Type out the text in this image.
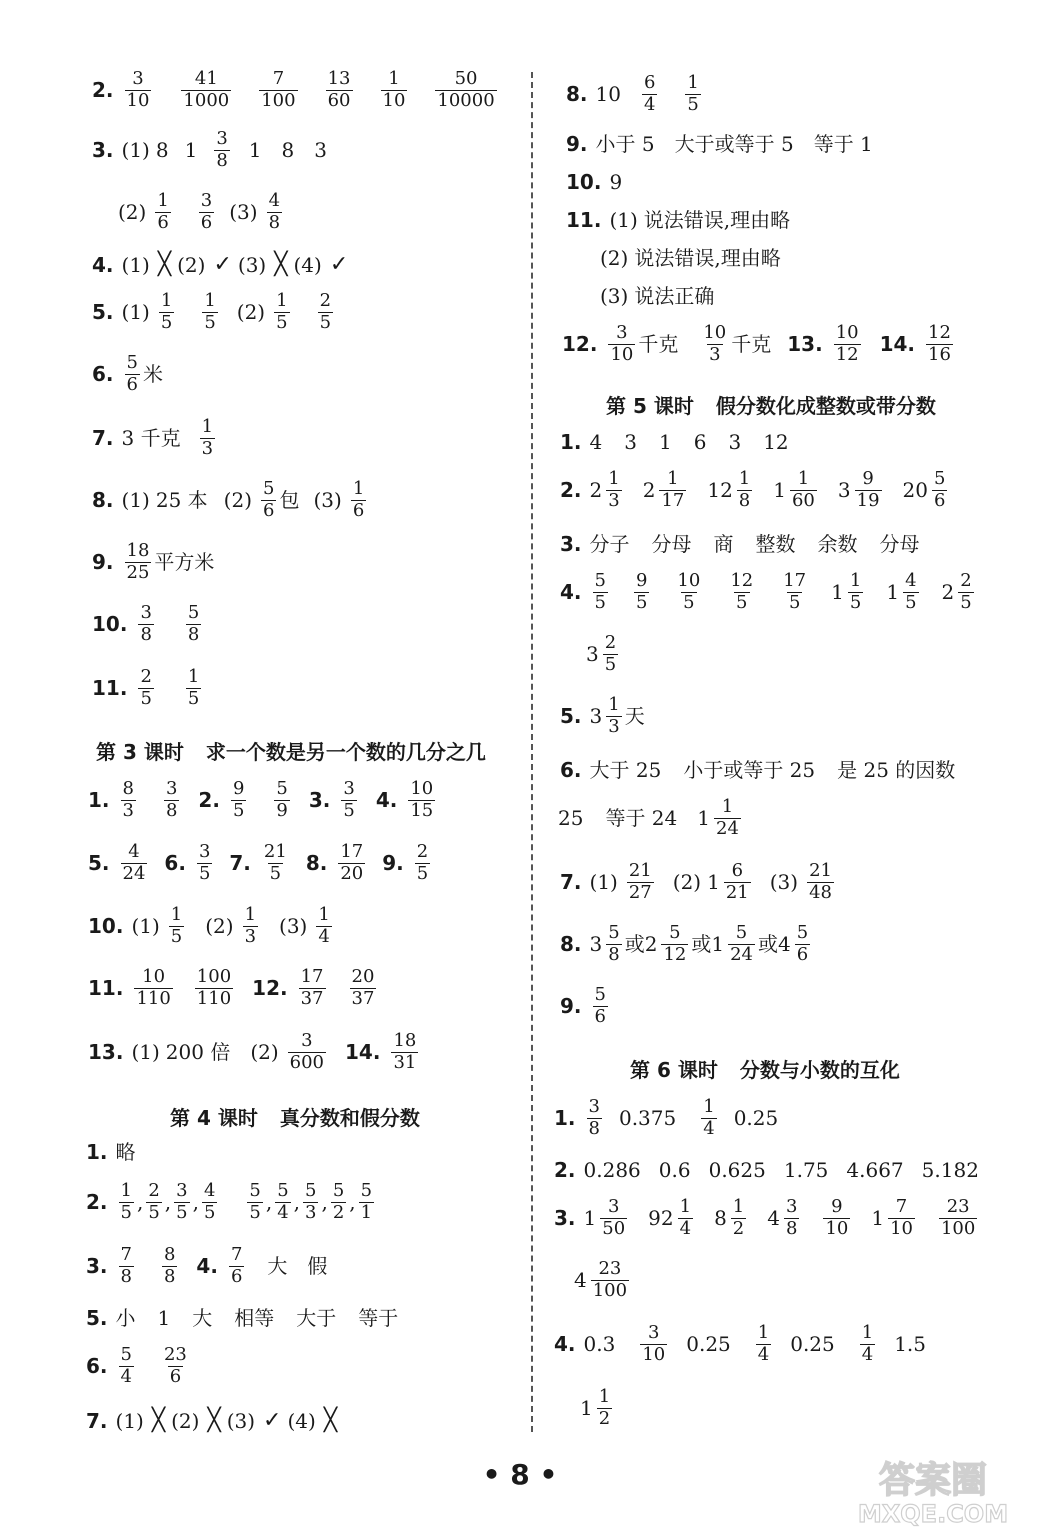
2. $\frac{3}{10} \frac{41}{1000} \frac{7}{100} \frac{13}{60} \frac{1}{10} \frac{50}{10000}$
3. (1) 8 $1 \frac{3}{8} 1$ 8 3
$(2) \frac{1}{6} \frac{3}{6} (3) \frac{4}{8}$
4. (1) ╳ (2) ✓ (3) ╳ (4) ✓
5. $(1) \frac{1}{5} \frac{1}{5} (2) \frac{1}{5} \frac{2}{5}$
6. $\frac{5}{6}$ 米
7. 3 千克 $\frac{1}{3}$
8. (1) 25 本 $(2) \frac{5}{6}$ 包 $(3) \frac{1}{6}$
9. $\frac{18}{25}$ 平方米
10. $\frac{3}{8} \frac{5}{8}$
11. $\frac{2}{5} \frac{1}{5}$
第 3 课时 求一个数是另一个数的几分之几
1. $\frac{8}{3} \frac{3}{8} 2$. $\frac{9}{5} \frac{5}{9} 3$. $\frac{3}{5} 4$. $\frac{10}{15}$
5. $\frac{4}{24} 6$. $\frac{3}{5} 7$. $\frac{21}{5} 8$. $\frac{17}{20} 9$. $\frac{2}{5}$
10. $(1) \frac{1}{5} (2) \frac{1}{3} (3) \frac{1}{4}$
11. $\frac{10}{110} \frac{100}{110} 12$. $\frac{17}{37} \frac{20}{37}$
13. (1) 200 倍 $(2) \frac{3}{600} 14$. $\frac{18}{31}$
第 4 课时 真分数和假分数
1. 略
2. $\frac{1}{5}$ , $\frac{2}{5}$ , $\frac{3}{5}$ , $\frac{4}{5} \frac{5}{5}$ , $\frac{5}{4}$ , $\frac{5}{3}$ , $\frac{5}{2}$ , $\frac{5}{1}$
3. $\frac{7}{8} \frac{8}{8} 4$. $\frac{7}{6}$ 大 假
5. 小 1 大 相等 大于 等于
6. $\frac{5}{4} \frac{23}{6}$
7. (1) ╳ (2) ╳ (3) ✓ (4) ╳
8. $10 \frac{6}{4} \frac{1}{5}$
9. 小于 5 大于或等于 5 等于 1
10. 9
11. (1) 说法错误,理由略
(2) 说法错误,理由略
(3) 说法正确
12. $\frac{3}{10}$ 千克 $\frac{10}{3}$ 千克 13. $\frac{10}{12} 14$. $\frac{12}{16}$
第 5 课时 假分数化成整数或带分数
1. 4 3 1 6 3 12
2. $2 \frac{1}{3} 2 \frac{1}{17} 12 \frac{1}{8} 1 \frac{1}{60} 3 \frac{9}{19} 20 \frac{5}{6}$
3. 分子 分母 商 整数 余数 分母
4. $\frac{5}{5} \frac{9}{5} \frac{10}{5} \frac{12}{5} \frac{17}{5} 1 \frac{1}{5} 1 \frac{4}{5} 2 \frac{2}{5}$
$3 \frac{2}{5}$
5. $3 \frac{1}{3}$ 天
6. 大于 25 小于或等于 25 是 25 的因数
25 等于 24 $1 \frac{1}{24}$
7. $(1) \frac{21}{27} (2)$ $1 \frac{6}{21} (3) \frac{21}{48}$
8. $3 \frac{5}{8}$ 或 $2 \frac{5}{12}$ 或 $1 \frac{5}{24}$ 或 $4 \frac{5}{6}$
9. $\frac{5}{6}$
第 6 课时 分数与小数的互化
1. $\frac{3}{8} 0.375 \frac{1}{4} 0.25$
2. 0.286 0.6 0.625 1.75 4.667 5.182
3. $1 \frac{3}{50} 92 \frac{1}{4} 8 \frac{1}{2} 4 \frac{3}{8} \frac{9}{10} 1 \frac{7}{10} \frac{23}{100}$
$4 \frac{23}{100}$
4. $0.3 \frac{3}{10} 0.25 \frac{1}{4} 0.25 \frac{1}{4} 1.5$
$1 \frac{1}{2}$
• 8 •	答案圈
MXQE.COM
